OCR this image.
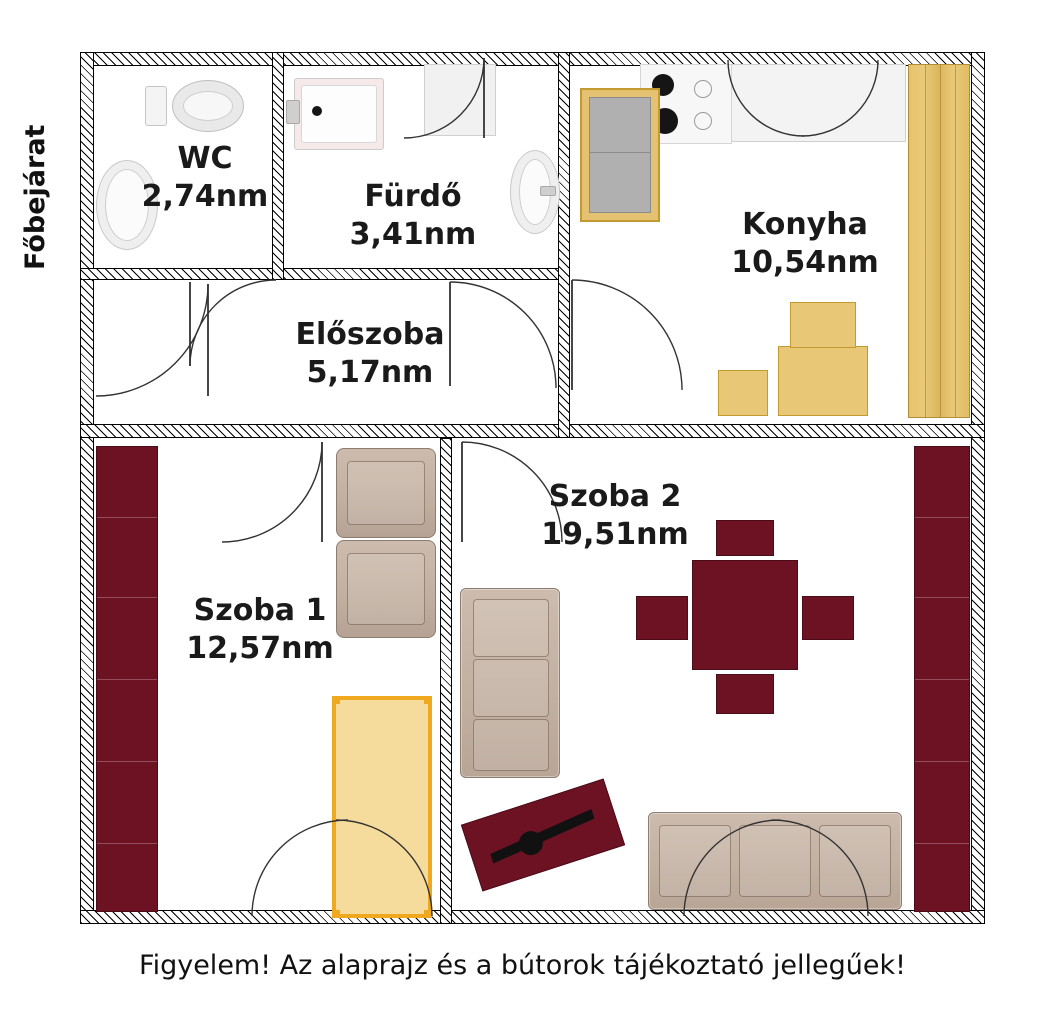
WC
2,74nm	Fürdő
3,41nm	Konyha
10,54nm
Előszoba
5,17nm
Szoba 1
12,57nm
Szoba 2
19,51nm
Főbejárat
Figyelem! Az alaprajz és a bútorok tájékoztató jellegűek!
